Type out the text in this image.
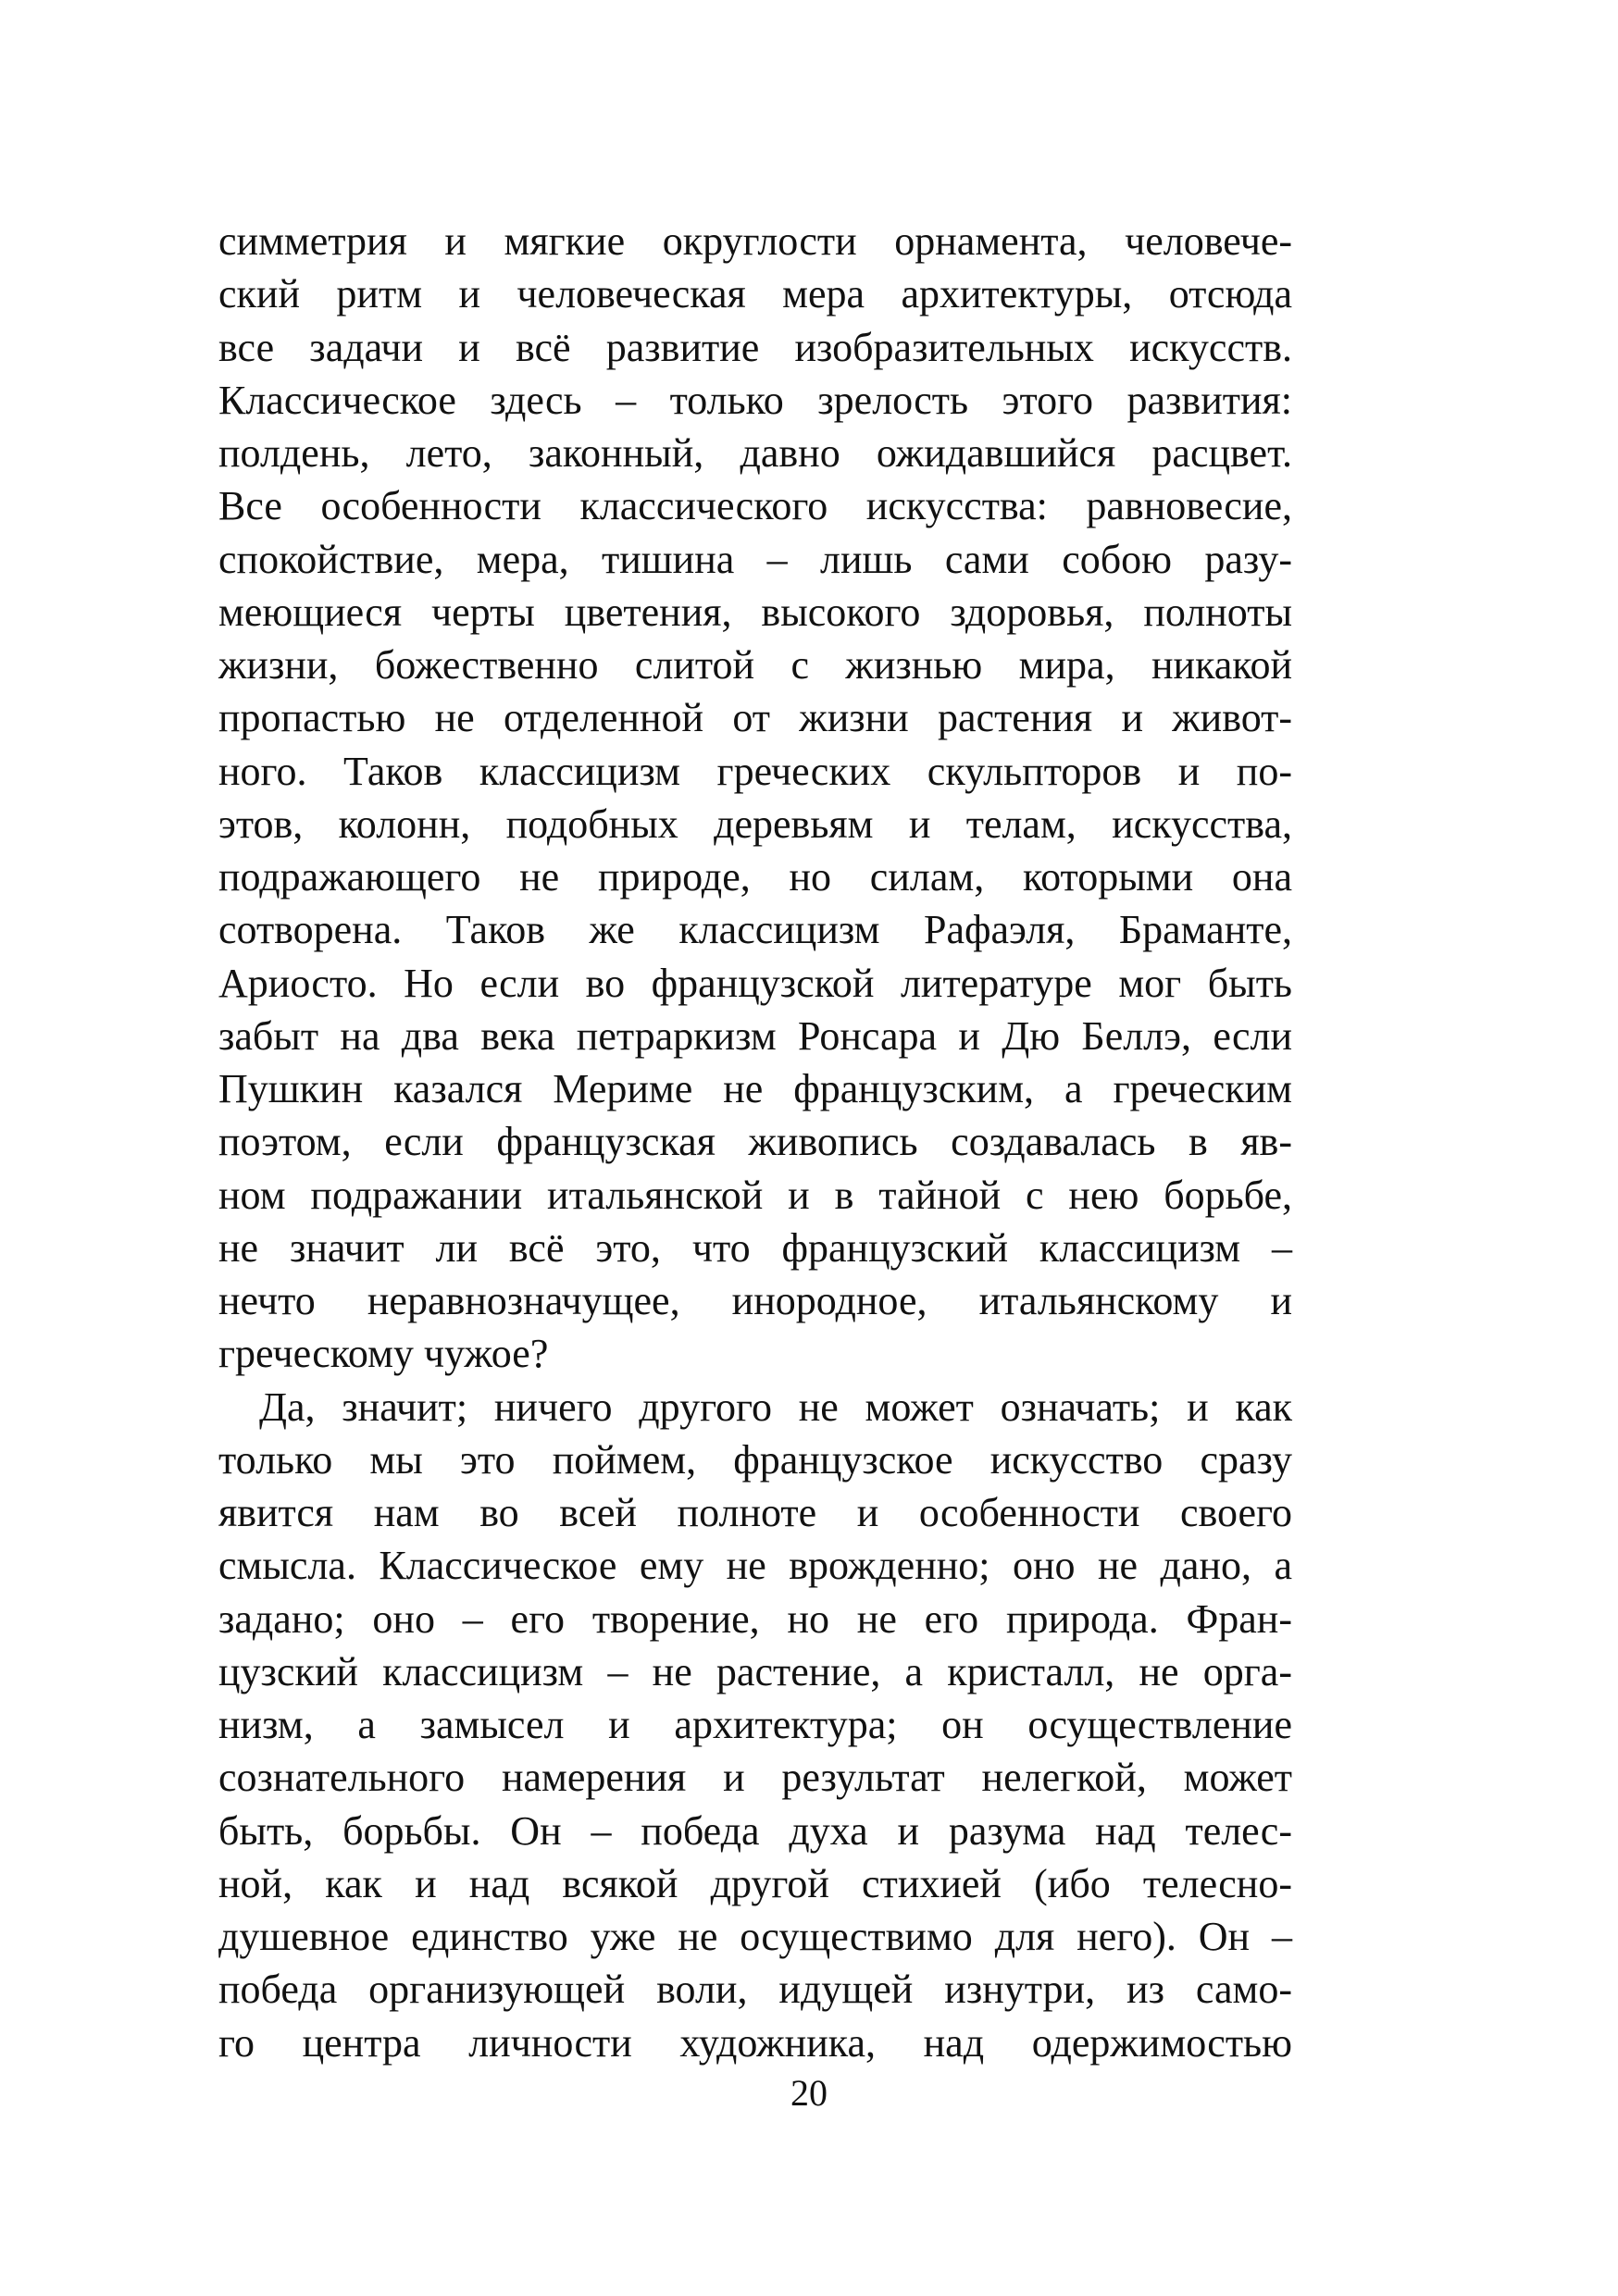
симметрия и мягкие округлости орнамента, человече-
ский ритм и человеческая мера архитектуры, отсюда
все задачи и всё развитие изобразительных искусств.
Классическое здесь – только зрелость этого развития:
полдень, лето, законный, давно ожидавшийся расцвет.
Все особенности классического искусства: равновесие,
спокойствие, мера, тишина – лишь сами собою разу-
меющиеся черты цветения, высокого здоровья, полноты
жизни, божественно слитой с жизнью мира, никакой
пропастью не отделенной от жизни растения и живот-
ного. Таков классицизм греческих скульпторов и по-
этов, колонн, подобных деревьям и телам, искусства,
подражающего не природе, но силам, которыми она
сотворена. Таков же классицизм Рафаэля, Браманте,
Ариосто. Но если во французской литературе мог быть
забыт на два века петраркизм Ронсара и Дю Беллэ, если
Пушкин казался Мериме не французским, а греческим
поэтом, если французская живопись создавалась в яв-
ном подражании итальянской и в тайной с нею борьбе,
не значит ли всё это, что французский классицизм –
нечто неравнозначущее, инородное, итальянскому и
греческому чужое?
Да, значит; ничего другого не может означать; и как
только мы это поймем, французское искусство сразу
явится нам во всей полноте и особенности своего
смысла. Классическое ему не врожденно; оно не дано, а
задано; оно – его творение, но не его природа. Фран-
цузский классицизм – не растение, а кристалл, не орга-
низм, а замысел и архитектура; он осуществление
сознательного намерения и результат нелегкой, может
быть, борьбы. Он – победа духа и разума над телес-
ной, как и над всякой другой стихией (ибо телесно-
душевное единство уже не осуществимо для него). Он –
победа организующей воли, идущей изнутри, из само-
го центра личности художника, над одержимостью
20
